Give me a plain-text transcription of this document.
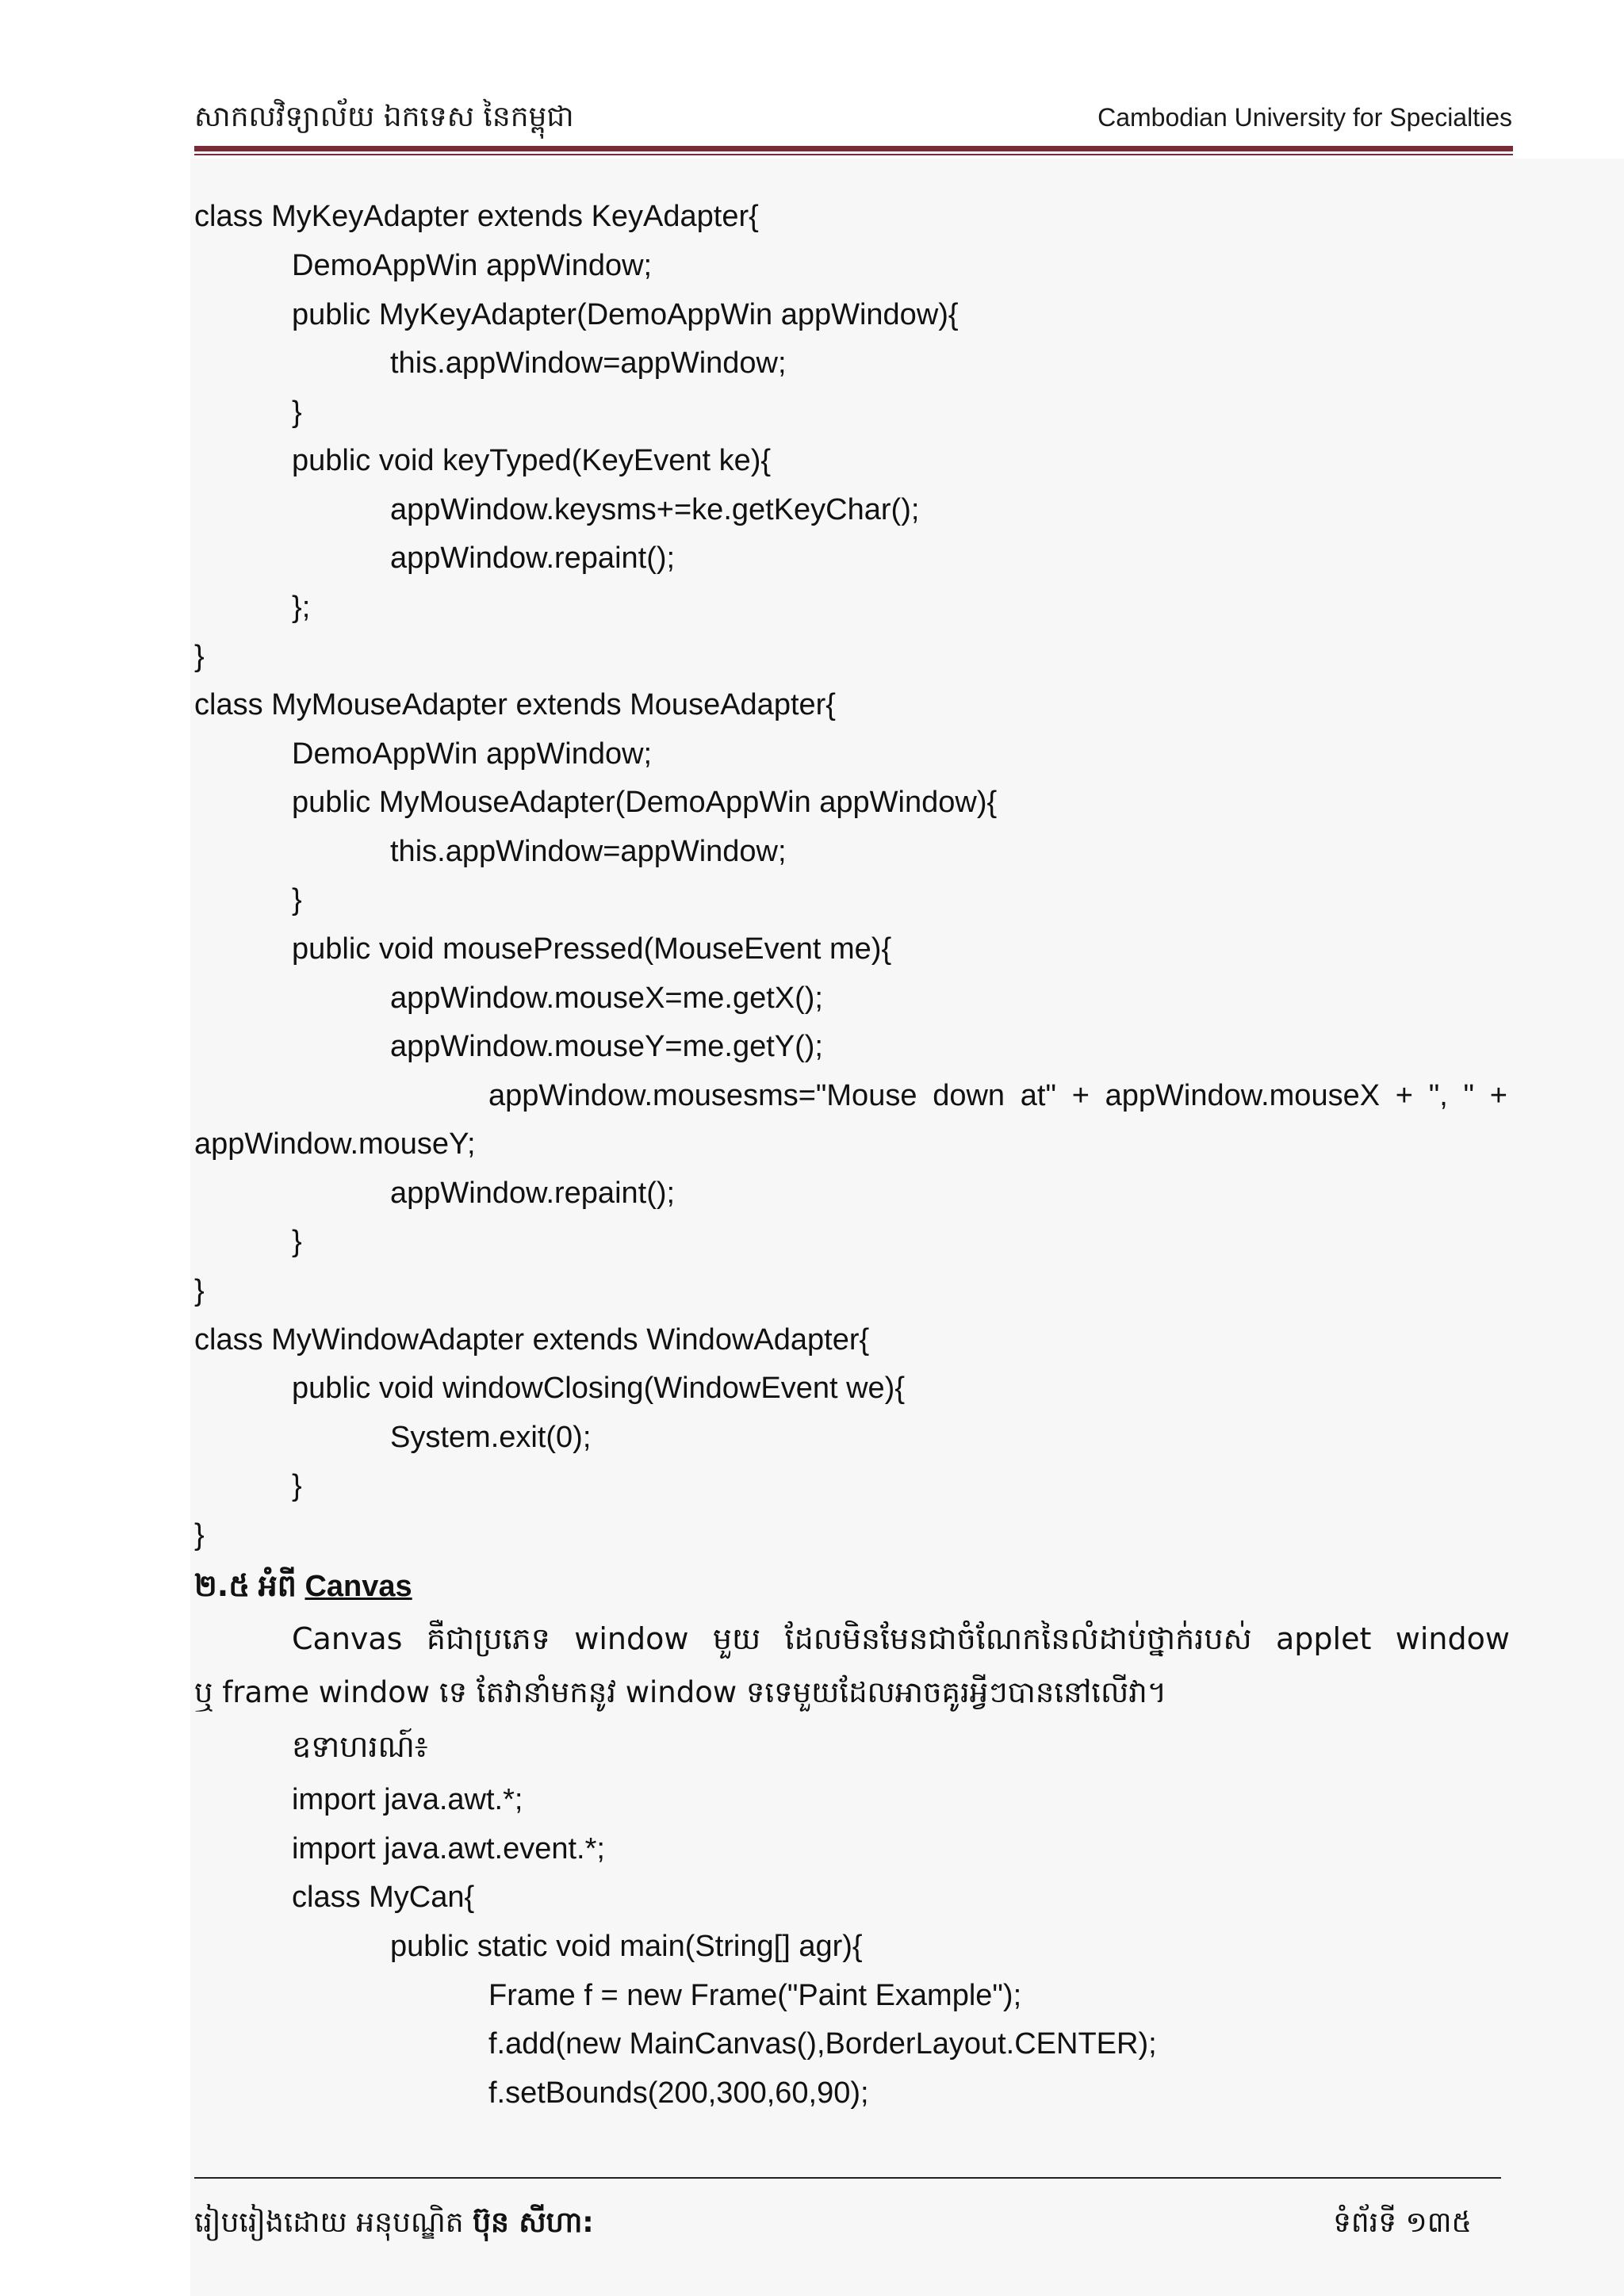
សាកលវិទ្យាល័យ ឯកទេស នៃកម្ពុជា	Cambodian University for Specialties
class MyKeyAdapter extends KeyAdapter{
DemoAppWin appWindow;
public MyKeyAdapter(DemoAppWin appWindow){
this.appWindow=appWindow;
}
public void keyTyped(KeyEvent ke){
appWindow.keysms+=ke.getKeyChar();
appWindow.repaint();
};
}
class MyMouseAdapter extends MouseAdapter{
DemoAppWin appWindow;
public MyMouseAdapter(DemoAppWin appWindow){
this.appWindow=appWindow;
}
public void mousePressed(MouseEvent me){
appWindow.mouseX=me.getX();
appWindow.mouseY=me.getY();
appWindow.mousesms="Mouse down at" + appWindow.mouseX + ", " +
appWindow.mouseY;
appWindow.repaint();
}
}
class MyWindowAdapter extends WindowAdapter{
public void windowClosing(WindowEvent we){
System.exit(0);
}
}
២.៥ អំពី Canvas
Canvas គឺជាប្រភេទ window មួយ ដែលមិនមែនជាចំណែកនៃលំដាប់ថ្នាក់របស់ applet window
ឬ frame window ទេ តែវានាំមកនូវ window ទទេមួយដែលអាចគូរអ្វីៗបាននៅលើវា។
ឧទាហរណ៍៖
import java.awt.*;
import java.awt.event.*;
class MyCan{
public static void main(String[] agr){
Frame f = new Frame("Paint Example");
f.add(new MainCanvas(),BorderLayout.CENTER);
f.setBounds(200,300,60,90);
រៀបរៀងដោយ អនុបណ្ឌិត ប៊ុន សីហា:	ទំព័រទី ១៣៥
